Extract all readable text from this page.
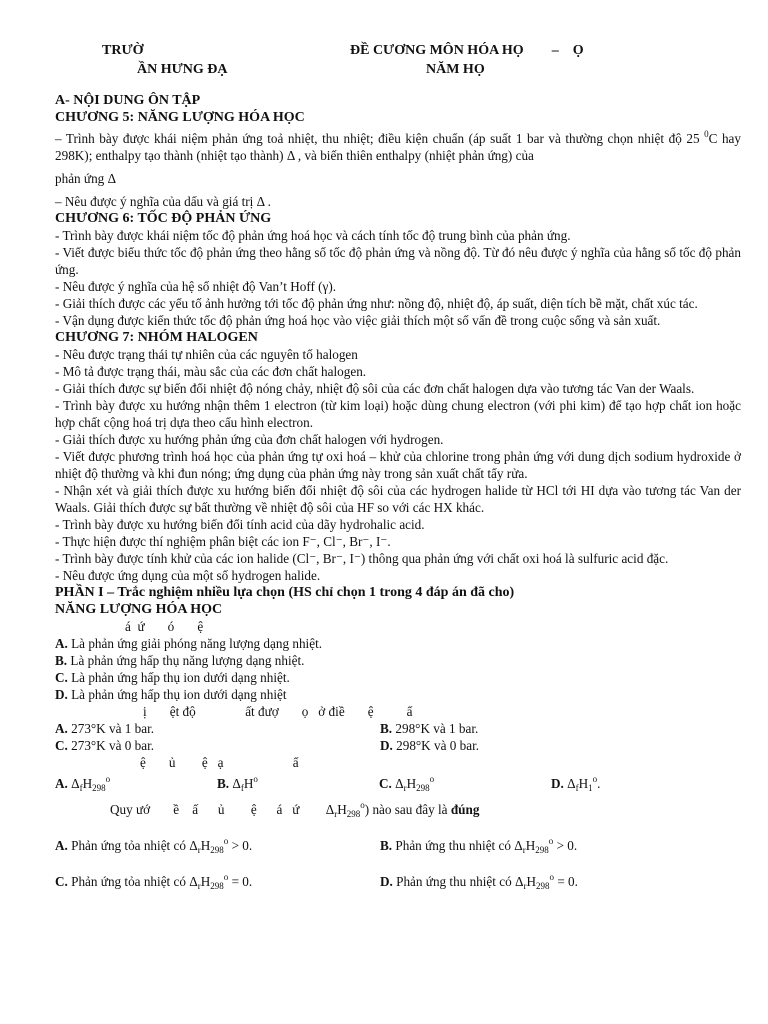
TRƯỜ
ẦN HƯNG ĐẠ
ĐỀ CƯƠNG MÔN HÓA HỌ        –    Ọ
NĂM HỌ

A- NỘI DUNG ÔN TẬP

CHƯƠNG 5: NĂNG LƯỢNG HÓA HỌC

– Trình bày được khái niệm phản ứng toả nhiệt, thu nhiệt; điều kiện chuẩn (áp suất 1 bar và thường chọn nhiệt độ 25 $^0$C hay 298K); enthalpy tạo thành (nhiệt tạo thành) Δ , và biến thiên enthalpy (nhiệt phản ứng) của

phản ứng Δ

– Nêu được ý nghĩa của dấu và giá trị Δ .

CHƯƠNG 6: TỐC ĐỘ PHẢN ỨNG

- Trình bày được khái niệm tốc độ phản ứng hoá học và cách tính tốc độ trung bình của phản ứng.

- Viết được biểu thức tốc độ phản ứng theo hằng số tốc độ phản ứng và nồng độ. Từ đó nêu được ý nghĩa của hằng số tốc độ phản ứng.

- Nêu được ý nghĩa của hệ số nhiệt độ Van’t Hoff (γ).

- Giải thích được các yếu tố ảnh hưởng tới tốc độ phản ứng như: nồng độ, nhiệt độ, áp suất, diện tích bề mặt, chất xúc tác.

- Vận dụng được kiến thức tốc độ phản ứng hoá học vào việc giải thích một số vấn đề trong cuộc sống và sản xuất.

CHƯƠNG 7: NHÓM HALOGEN

- Nêu được trạng thái tự nhiên của các nguyên tố halogen

- Mô tả được trạng thái, màu sắc của các đơn chất halogen.

- Giải thích được sự biến đổi nhiệt độ nóng chảy, nhiệt độ sôi của các đơn chất halogen dựa vào tương tác Van der Waals.

- Trình bày được xu hướng nhận thêm 1 electron (từ kim loại) hoặc dùng chung electron (với phi kim) để tạo hợp chất ion hoặc hợp chất cộng hoá trị dựa theo cấu hình electron.

- Giải thích được xu hướng phản ứng của đơn chất halogen với hydrogen.

- Viết được phương trình hoá học của phản ứng tự oxi hoá – khử của chlorine trong phản ứng với dung dịch sodium hydroxide ở nhiệt độ thường và khi đun nóng; ứng dụng của phản ứng này trong sản xuất chất tẩy rửa.

- Nhận xét và giải thích được xu hướng biến đổi nhiệt độ sôi của các hydrogen halide từ HCl tới HI dựa vào tương tác Van der Waals. Giải thích được sự bất thường về nhiệt độ sôi của HF so với các HX khác.

- Trình bày được xu hướng biến đổi tính acid của dãy hydrohalic acid.

- Thực hiện được thí nghiệm phân biệt các ion F⁻, Cl⁻, Br⁻, I⁻.

- Trình bày được tính khử của các ion halide (Cl⁻, Br⁻, I⁻) thông qua phản ứng với chất oxi hoá là sulfuric acid đặc.

- Nêu được ứng dụng của một số hydrogen halide.

PHẦN I – Trắc nghiệm nhiều lựa chọn (HS chỉ chọn 1 trong 4 đáp án đã cho)

NĂNG LƯỢNG HÓA HỌC

á  ứ       ó       ệ

A. Là phản ứng giải phóng năng lượng dạng nhiệt.

B. Là phản ứng hấp thụ năng lượng dạng nhiệt.

C. Là phản ứng hấp thụ ion dưới dạng nhiệt.

D. Là phản ứng hấp thụ ion dưới dạng nhiệt

ị       ệt độ               ất đượ       ọ   ở điề       ệ          ẩ

A. 273°K và 1 bar.	B. 298°K và 1 bar.
C. 273°K và 0 bar.	D. 298°K và 0 bar.

ệ       ủ        ệ   ạ                     ẩ

A. $\Delta_fH_{298}^o$	B. $\Delta_fH^o$	C. $\Delta_rH_{298}^o$	D. $\Delta_fH_1^o$.

Quy ướ       ề    ấ      ủ        ệ      á   ứ        $\Delta_rH_{298}^o$) nào sau đây là đúng

A. Phản ứng tỏa nhiệt có $\Delta_rH_{298}^o > 0$.	B. Phản ứng thu nhiệt có $\Delta_rH_{298}^o > 0$.
C. Phản ứng tỏa nhiệt có $\Delta_rH_{298}^o = 0$.	D. Phản ứng thu nhiệt có $\Delta_rH_{298}^o = 0$.
